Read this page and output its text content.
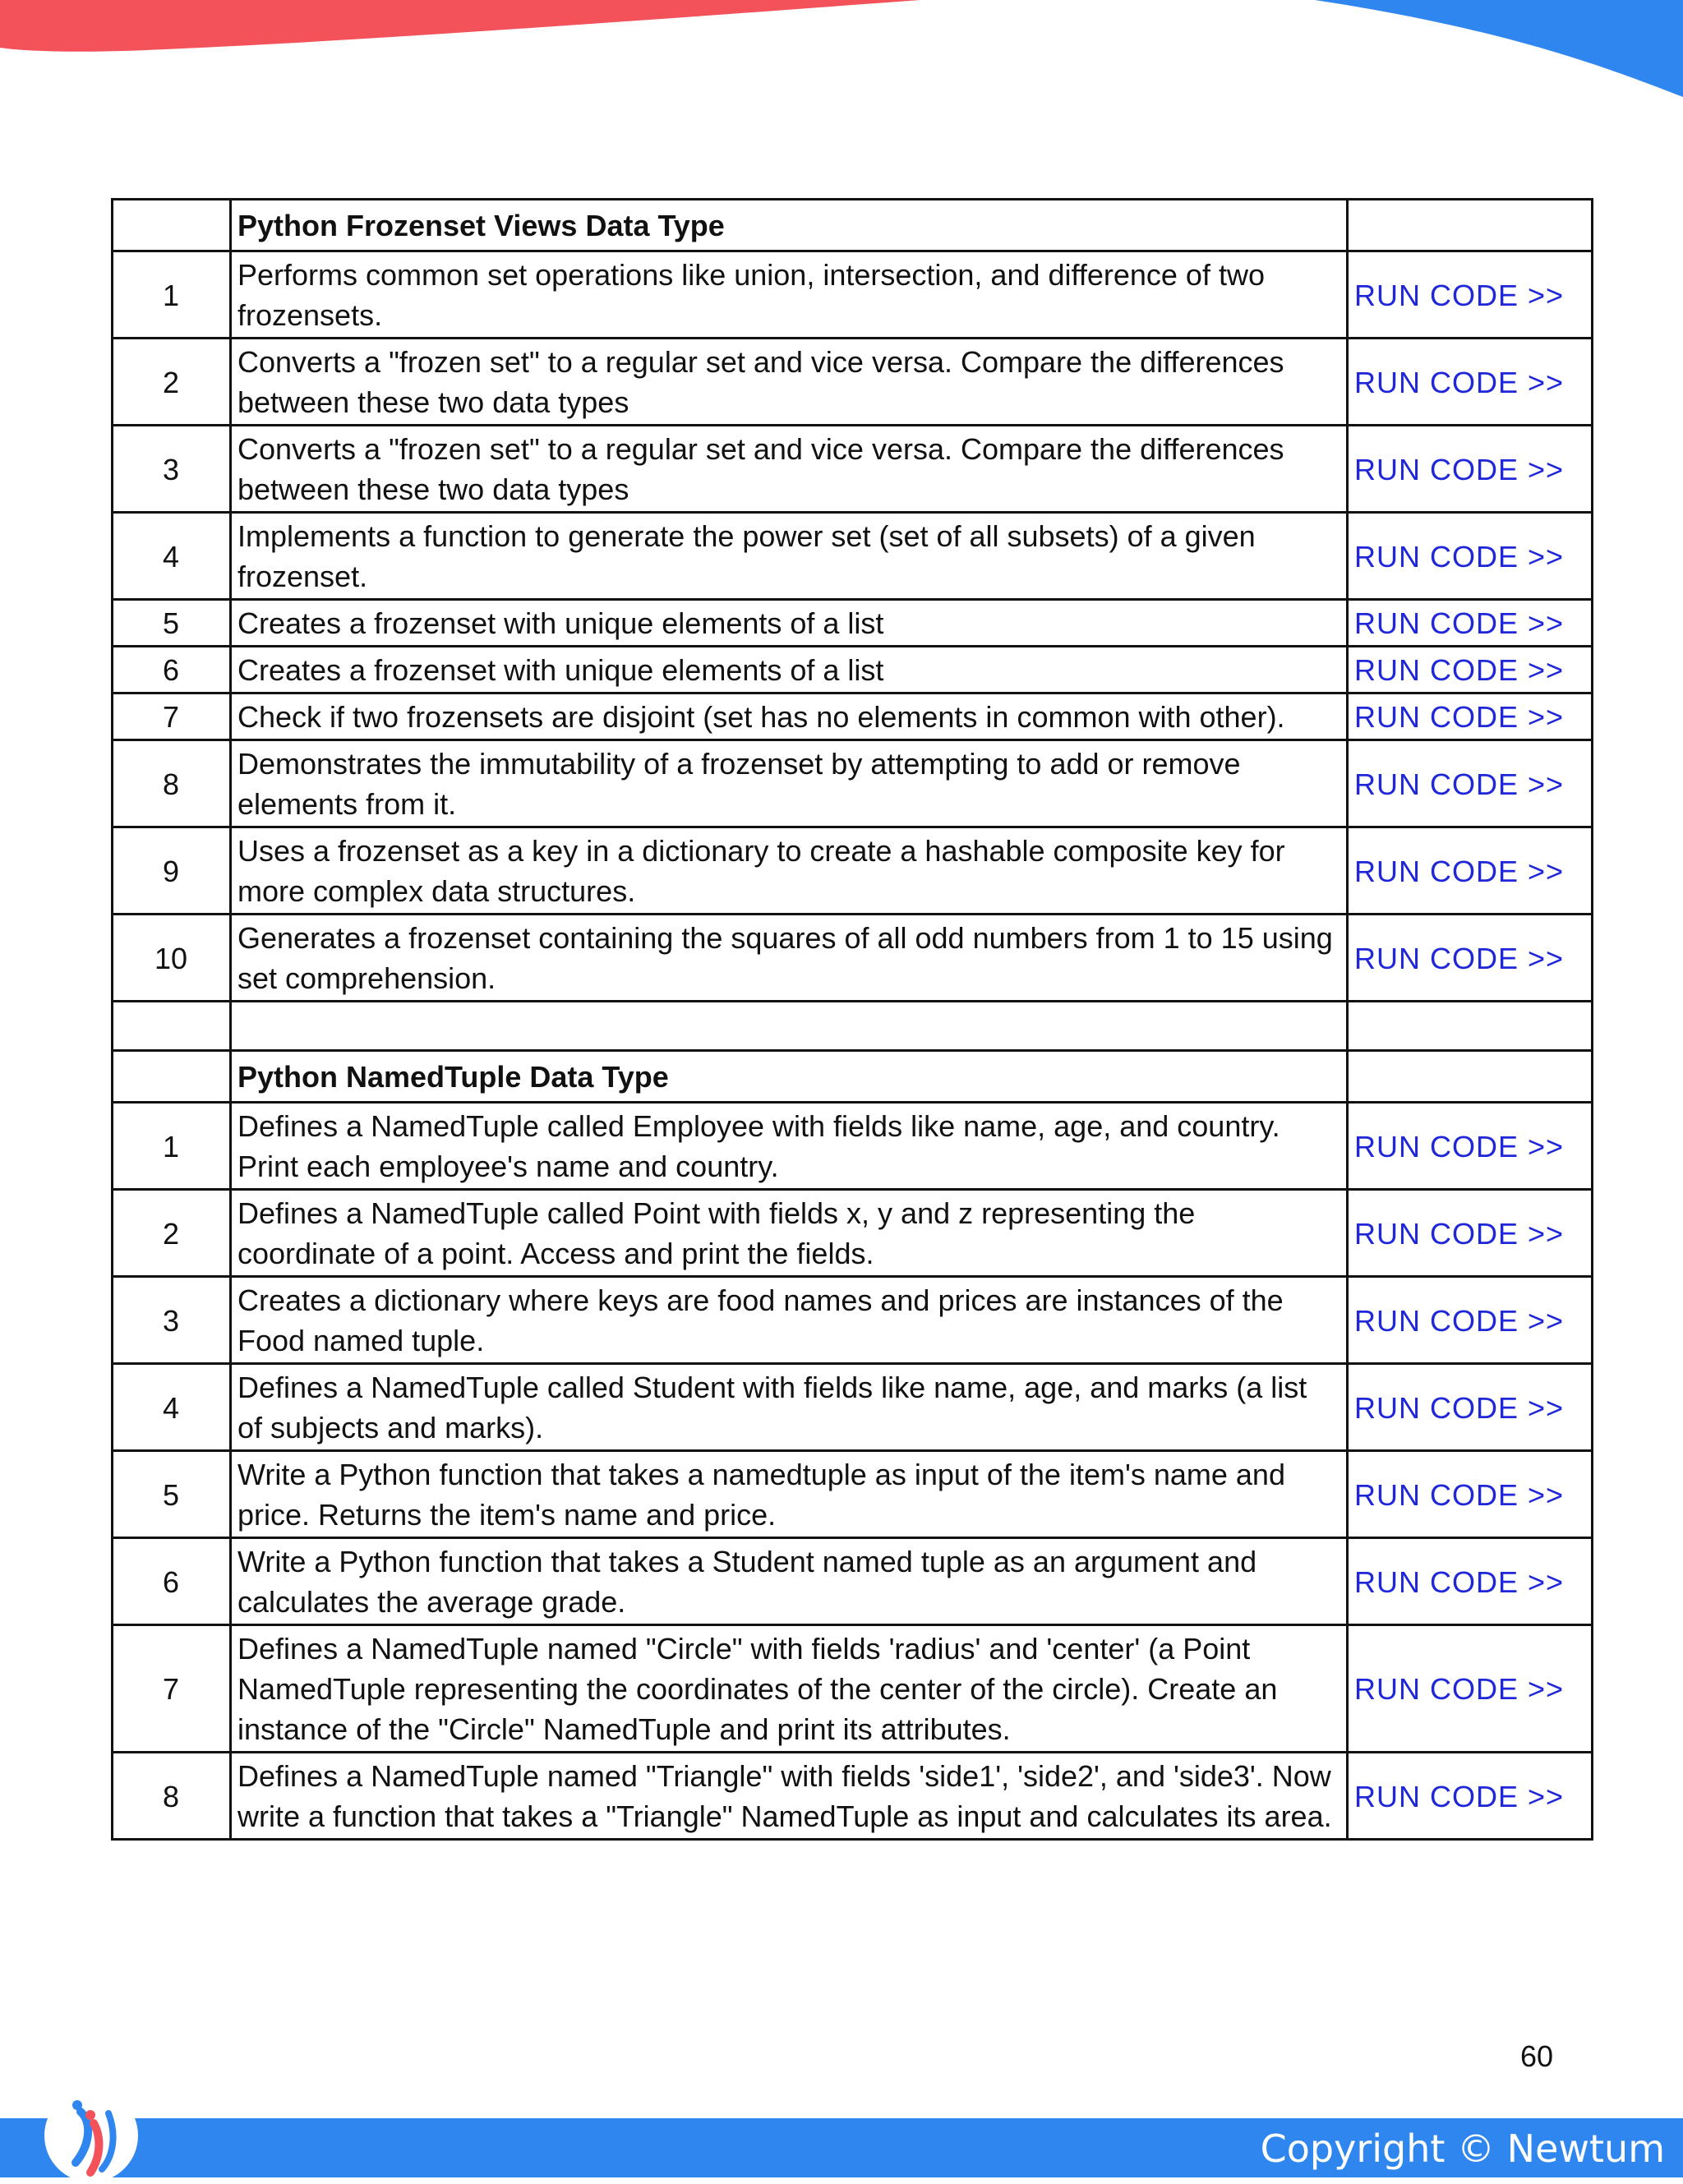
	Python Frozenset Views Data Type	
1	Performs common set operations like union, intersection, and difference of two frozensets.	RUN CODE >>
2	Converts a "frozen set" to a regular set and vice versa. Compare the differences between these two data types	RUN CODE >>
3	Converts a "frozen set" to a regular set and vice versa. Compare the differences between these two data types	RUN CODE >>
4	Implements a function to generate the power set (set of all subsets) of a given frozenset.	RUN CODE >>
5	Creates a frozenset with unique elements of a list	RUN CODE >>
6	Creates a frozenset with unique elements of a list	RUN CODE >>
7	Check if two frozensets are disjoint (set has no elements in common with other).	RUN CODE >>
8	Demonstrates the immutability of a frozenset by attempting to add or remove elements from it.	RUN CODE >>
9	Uses a frozenset as a key in a dictionary to create a hashable composite key for more complex data structures.	RUN CODE >>
10	Generates a frozenset containing the squares of all odd numbers from 1 to 15 using set comprehension.	RUN CODE >>

	Python NamedTuple Data Type	
1	Defines a NamedTuple called Employee with fields like name, age, and country. Print each employee's name and country.	RUN CODE >>
2	Defines a NamedTuple called Point with fields x, y and z representing the coordinate of a point. Access and print the fields.	RUN CODE >>
3	Creates a dictionary where keys are food names and prices are instances of the Food named tuple.	RUN CODE >>
4	Defines a NamedTuple called Student with fields like name, age, and marks (a list of subjects and marks).	RUN CODE >>
5	Write a Python function that takes a namedtuple as input of the item's name and price. Returns the item's name and price.	RUN CODE >>
6	Write a Python function that takes a Student named tuple as an argument and calculates the average grade.	RUN CODE >>
7	Defines a NamedTuple named "Circle" with fields 'radius' and 'center' (a Point NamedTuple representing the coordinates of the center of the circle). Create an instance of the "Circle" NamedTuple and print its attributes.	RUN CODE >>
8	Defines a NamedTuple named "Triangle" with fields 'side1', 'side2', and 'side3'. Now write a function that takes a "Triangle" NamedTuple as input and calculates its area.	RUN CODE >>
60
Copyright © Newtum
